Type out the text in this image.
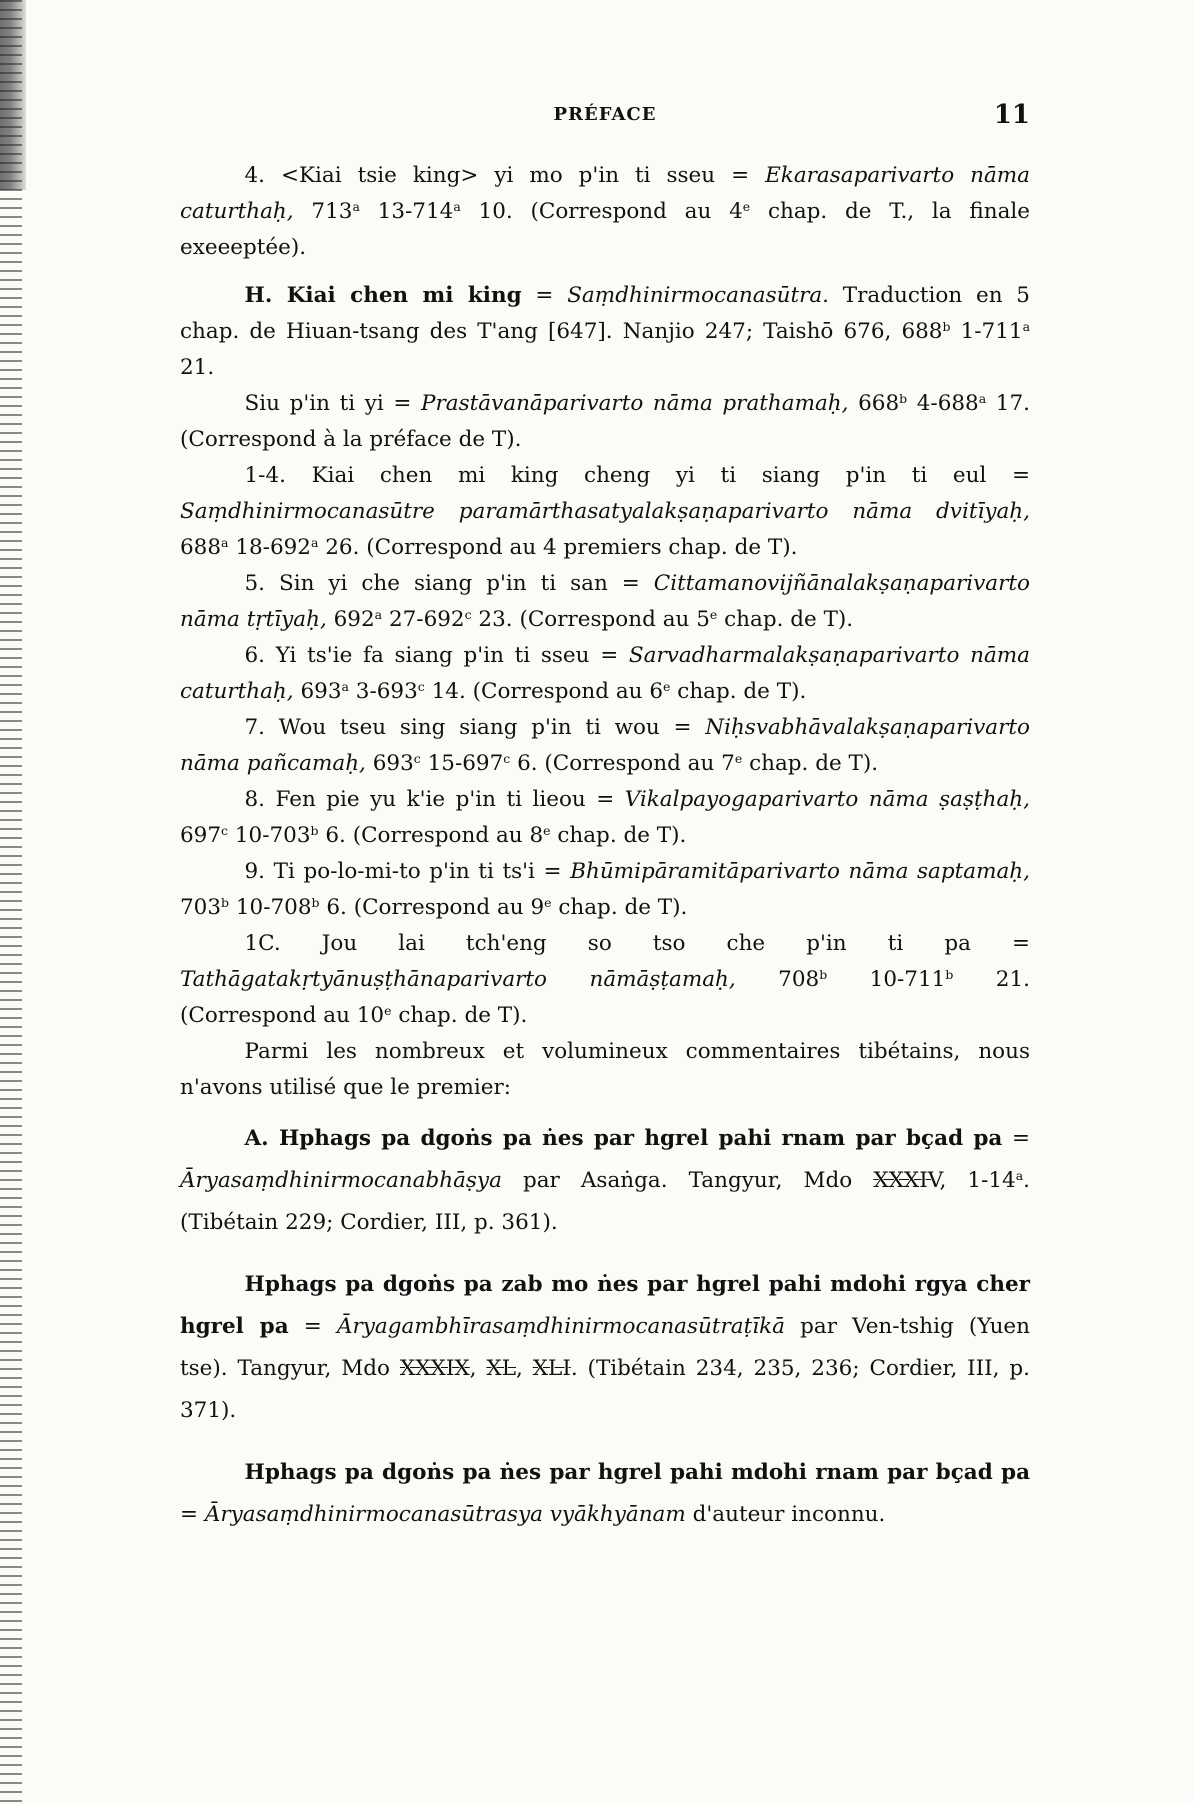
PRÉFACE	11

4. <Kiai tsie king> yi mo p'in ti sseu = Ekarasaparivarto nāma caturthaḥ, 713$^a$ 13-714$^a$ 10. (Correspond au 4e chap. de T., la finale exeeeptée).

H. Kiai chen mi king = Saṃdhinirmocanasūtra. Traduction en 5 chap. de Hiuan-tsang des T'ang [647]. Nanjio 247; Taishō 676, 688$^b$ 1-711$^a$ 21.

Siu p'in ti yi = Prastāvanāparivarto nāma prathamaḥ, 668$^b$ 4-688$^a$ 17. (Correspond à la préface de T).

1-4. Kiai chen mi king cheng yi ti siang p'in ti eul = Saṃdhinirmocanasūtre paramārthasatyalakṣaṇaparivarto nāma dvitīyaḥ, 688$^a$ 18-692$^a$ 26. (Correspond au 4 premiers chap. de T).

5. Sin yi che siang p'in ti san = Cittamanovijñānalakṣaṇaparivarto nāma tṛtīyaḥ, 692$^a$ 27-692$^c$ 23. (Correspond au 5e chap. de T).

6. Yi ts'ie fa siang p'in ti sseu = Sarvadharmalakṣaṇaparivarto nāma caturthaḥ, 693$^a$ 3-693$^c$ 14. (Correspond au 6e chap. de T).

7. Wou tseu sing siang p'in ti wou = Niḥsvabhāvalakṣaṇaparivarto nāma pañcamaḥ, 693$^c$ 15-697$^c$ 6. (Correspond au 7e chap. de T).

8. Fen pie yu k'ie p'in ti lieou = Vikalpayogaparivarto nāma ṣaṣṭhaḥ, 697$^c$ 10-703$^b$ 6. (Correspond au 8e chap. de T).

9. Ti po-lo-mi-to p'in ti ts'i = Bhūmipāramitāparivarto nāma saptamaḥ, 703$^b$ 10-708$^b$ 6. (Correspond au 9e chap. de T).

1C. Jou lai tch'eng so tso che p'in ti pa = Tathāgatakṛtyānuṣṭhānaparivarto nāmāṣṭamaḥ, 708$^b$ 10-711$^b$ 21. (Correspond au 10e chap. de T).

Parmi les nombreux et volumineux commentaires tibétains, nous n'avons utilisé que le premier:

A. Hphags pa dgoṅs pa ṅes par hgrel pahi rnam par bçad pa = Āryasaṃdhinirmocanabhāṣya par Asaṅga. Tangyur, Mdo XXXIV, 1-14$^a$. (Tibétain 229; Cordier, III, p. 361).

Hphags pa dgoṅs pa zab mo ṅes par hgrel pahi mdohi rgya cher hgrel pa = Āryagambhīrasaṃdhinirmocanasūtraṭīkā par Ven-tshig (Yuen tse). Tangyur, Mdo XXXIX, XL, XLI. (Tibétain 234, 235, 236; Cordier, III, p. 371).

Hphags pa dgoṅs pa ṅes par hgrel pahi mdohi rnam par bçad pa = Āryasaṃdhinirmocanasūtrasya vyākhyānam d'auteur inconnu.
